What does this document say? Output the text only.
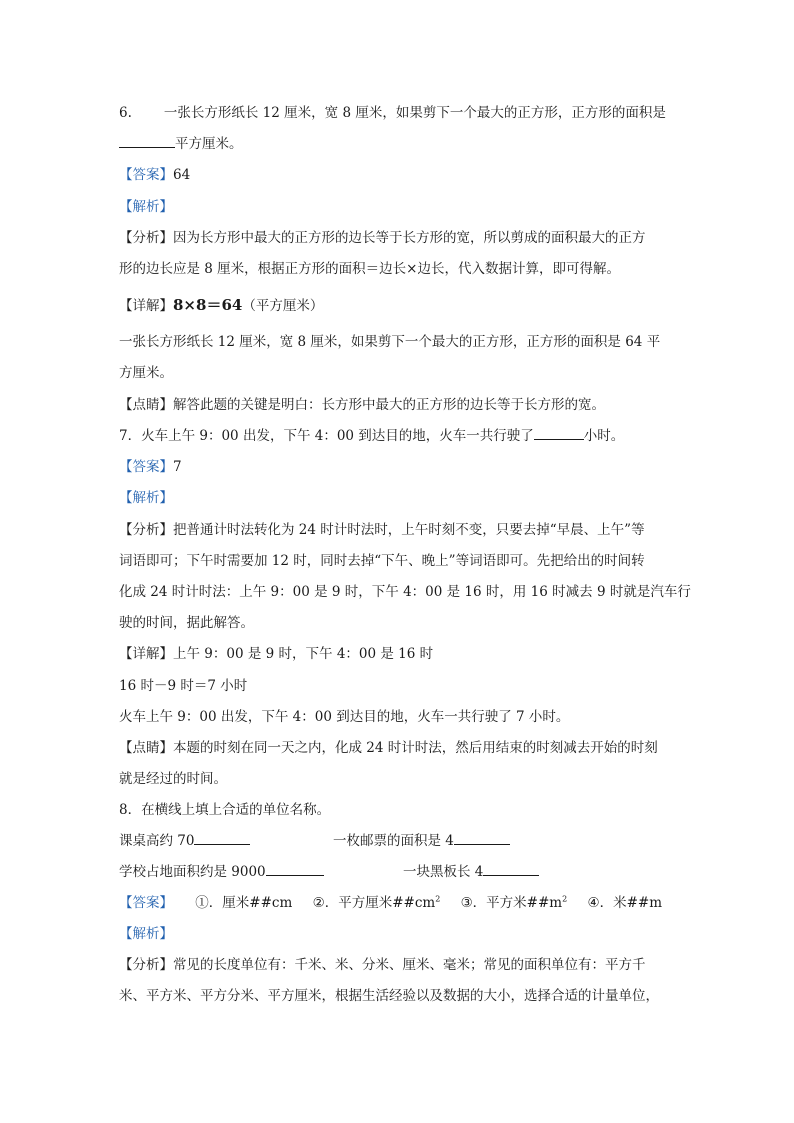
6. 一张长方形纸长 12 厘米，宽 8 厘米，如果剪下一个最大的正方形，正方形的面积是
平方厘米。
【答案】64
【解析】
【分析】因为长方形中最大的正方形的边长等于长方形的宽，所以剪成的面积最大的正方
形的边长应是 8 厘米，根据正方形的面积＝边长×边长，代入数据计算，即可得解。
【详解】8×8＝64（平方厘米）
一张长方形纸长 12 厘米，宽 8 厘米，如果剪下一个最大的正方形，正方形的面积是 64 平
方厘米。
【点睛】解答此题的关键是明白：长方形中最大的正方形的边长等于长方形的宽。
7．火车上午 9：00 出发，下午 4：00 到达目的地，火车一共行驶了	小时。
【答案】7
【解析】
【分析】把普通计时法转化为 24 时计时法时，上午时刻不变，只要去掉“早晨、上午”等
词语即可；下午时需要加 12 时，同时去掉“下午、晚上”等词语即可。先把给出的时间转
化成 24 时计时法：上午 9：00 是 9 时，下午 4：00 是 16 时，用 16 时减去 9 时就是汽车行
驶的时间，据此解答。
【详解】上午 9：00 是 9 时，下午 4：00 是 16 时
16 时－9 时＝7 小时
火车上午 9：00 出发，下午 4：00 到达目的地，火车一共行驶了 7 小时。
【点睛】本题的时刻在同一天之内，化成 24 时计时法，然后用结束的时刻减去开始的时刻
就是经过的时间。
8．在横线上填上合适的单位名称。
课桌高约 70	一枚邮票的面积是 4
学校占地面积约是 9000	一块黑板长 4
【答案】 ①．厘米##cm ②．平方厘米$\#\#cm^2$ ③．平方米$\#\#m^2$ ④．米##m
【解析】
【分析】常见的长度单位有：千米、米、分米、厘米、毫米；常见的面积单位有：平方千
米、平方米、平方分米、平方厘米，根据生活经验以及数据的大小，选择合适的计量单位，
